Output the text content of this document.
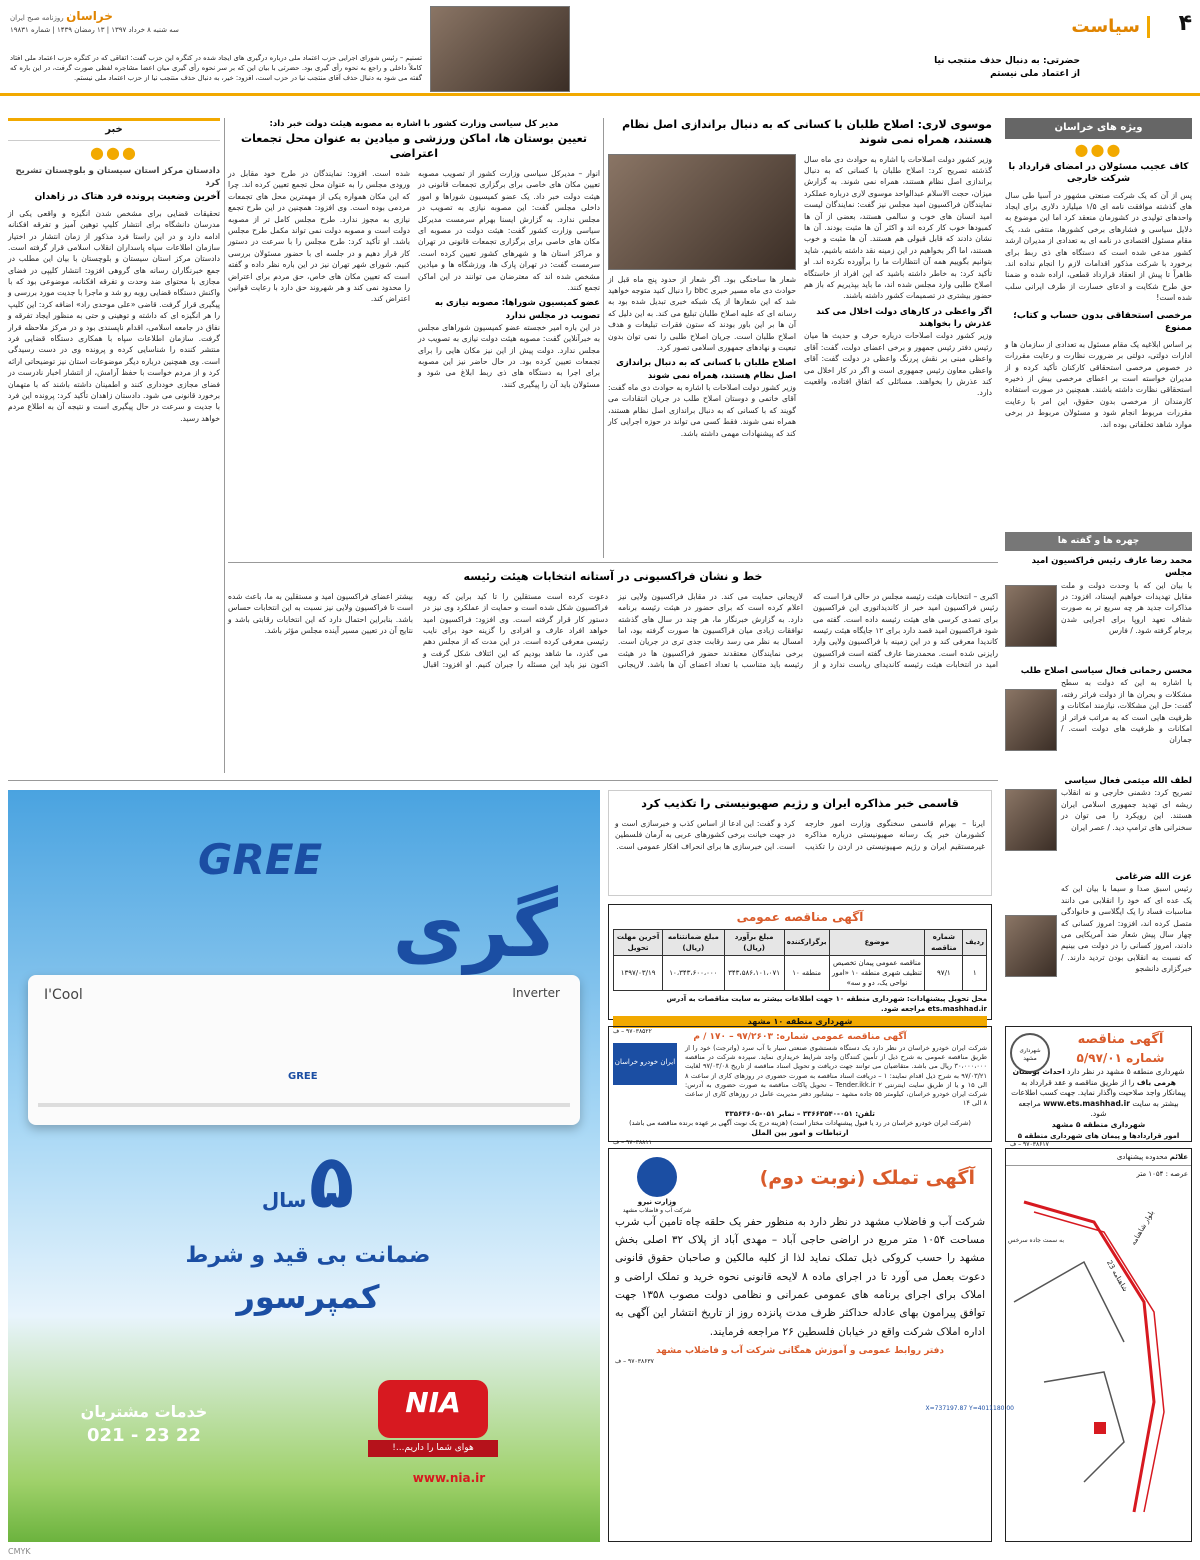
۴
سیاست
حضرتی: به دنبال حذف منتجب نیا
از اعتماد ملی نیستم
تسنیم – رئیس شورای اجرایی حزب اعتماد ملی درباره درگیری های ایجاد شده در کنگره این حزب گفت: اتفاقی که در کنگره حزب اعتماد ملی افتاد کاملاً داخلی و راجع به نحوه رأی گیری بود. حضرتی با بیان این که بر سر نحوه رأی گیری میان اعضا مشاجره لفظی صورت گرفت، در این باره که گفته می شود به دنبال حذف آقای منتجب نیا در حزب است، افزود: خیر، به دنبال حذف منتجب نیا از حزب اعتماد ملی نیستم.
خراسان روزنامه صبح ایران
سه شنبه ۸ خرداد ۱۳۹۷ | ۱۳ رمضان ۱۴۳۹ | شماره ۱۹۸۳۱
ویژه های خراسان
●●●
کاف عجیب مسئولان در امضای قرارداد با شرکت خارجی
پس از آن که یک شرکت صنعتی مشهور در آسیا طی سال های گذشته موافقت نامه ای ۱/۵ میلیارد دلاری برای ایجاد واحدهای تولیدی در کشورمان منعقد کرد اما این موضوع به دلایل سیاسی و فشارهای برخی کشورها، منتفی شد، یک مقام مسئول اقتصادی در نامه ای به تعدادی از مدیران ارشد کشور مدعی شده است که دستگاه های ذی ربط برای برخورد با شرکت مذکور اقدامات لازم را انجام نداده اند. ظاهراً تا پیش از انعقاد قرارداد قطعی، اراده شده و ضمنا حق طرح شکایت و ادعای خسارت از طرف ایرانی سلب شده است!
مرخصی استحقاقی بدون حساب و کتاب؛ ممنوع
بر اساس ابلاغیه یک مقام مسئول به تعدادی از سازمان ها و ادارات دولتی، دولتی بر ضرورت نظارت و رعایت مقررات در خصوص مرخصی استحقاقی کارکنان تأکید کرده و از مدیران خواسته است بر اعطای مرخصی بیش از ذخیره استحقاقی نظارت داشته باشند. همچنین در صورت استفاده کارمندان از مرخصی بدون حقوق، این امر با رعایت مقررات مربوط انجام شود و مسئولان مربوط در برخی موارد شاهد تخلفاتی بوده اند.
چهره ها و گفته ها
محمد رضا عارف رئیس فراکسیون امید مجلس
با بیان این که با وحدت دولت و ملت مقابل تهدیدات خواهیم ایستاد، افزود: در مذاکرات جدید هر چه سریع تر به صورت شفاف تعهد اروپا برای اجرایی شدن برجام گرفته شود. / فارس
محسن رحمانی فعال سیاسی اصلاح طلب
با اشاره به این که دولت به سطح مشکلات و بحران ها از دولت فراتر رفته، گفت: حل این مشکلات، نیازمند امکانات و ظرفیت هایی است که به مراتب فراتر از امکانات و ظرفیت های دولت است. / جماران
لطف الله میثمی فعال سیاسی
تصریح کرد: دشمنی خارجی و نه انقلاب ریشه ای تهدید جمهوری اسلامی ایران هستند. این رویکرد را می توان در سخنرانی های ترامپ دید. / عصر ایران
عزت الله ضرغامی
رئیس اسبق صدا و سیما با بیان این که یک عده ای که خود را انقلابی می دانند مناسبات فساد را یک ایگلاسی و خانوادگی متصل کرده اند، افزود: امروز کسانی که چهار سال پیش شعار ضد آمریکایی می دادند، امروز کسانی را در دولت می بینیم که نسبت به انقلابی بودن تردید دارند. / خبرگزاری دانشجو
موسوی لاری: اصلاح طلبان با کسانی که به دنبال براندازی اصل نظام هستند، همراه نمی شوند
وزیر کشور دولت اصلاحات با اشاره به حوادث دی ماه سال گذشته تصریح کرد: اصلاح طلبان با کسانی که به دنبال براندازی اصل نظام هستند، همراه نمی شوند. به گزارش میزان، حجت الاسلام عبدالواحد موسوی لاری درباره عملکرد نمایندگان فراکسیون امید مجلس نیز گفت: نمایندگان لیست امید انسان های خوب و سالمی هستند، بعضی از آن ها کمبودها خوب کار کرده اند و اکثر آن ها مثبت بودند. آن ها نشان دادند که قابل قبولی هم هستند. آن ها مثبت و خوب هستند، اما اگر بخواهیم در این زمینه نقد داشته باشیم، شاید بتوانیم بگوییم همه آن انتظارات ما را برآورده نکرده اند. او تأکید کرد: به خاطر داشته باشید که این افراد از خاستگاه اصلاح طلبی وارد مجلس شده اند، ما باید بپذیریم که باز هم حضور بیشتری در تصمیمات کشور داشته باشند.
اگر واعظی در کارهای دولت اخلال می کند عذرش را بخواهند
وزیر کشور دولت اصلاحات درباره حرف و حدیث ها میان رئیس دفتر رئیس جمهور و برخی اعضای دولت، گفت: آقای واعظی مبنی بر نقش پررنگ واعظی در دولت گفت: آقای واعظی معاون رئیس جمهوری است و اگر در کار اخلال می کند عذرش را بخواهند. مسائلی که اتفاق افتاده، واقعیت دارد.
شعار ها ساختگی بود. اگر شعار از حدود پنج ماه قبل از حوادث دی ماه مسیر خبری bbc را دنبال کنید متوجه خواهید شد که این شعارها از یک شبکه خبری تبدیل شده بود به رسانه ای که علیه اصلاح طلبان تبلیغ می کند. به این دلیل که آن ها بر این باور بودند که ستون فقرات تبلیغات و هدف اصلاح طلبان است. جریان اصلاح طلبی را نمی توان بدون تبعیت و نهادهای جمهوری اسلامی تصور کرد.
اصلاح طلبان با کسانی که به دنبال براندازی اصل نظام هستند، همراه نمی شوند
وزیر کشور دولت اصلاحات با اشاره به حوادث دی ماه گفت: آقای خاتمی و دوستان اصلاح طلب در جریان انتقادات می گویند که با کسانی که به دنبال براندازی اصل نظام هستند، همراه نمی شوند. فقط کسی می تواند در حوزه اجرایی کار کند که پیشنهادات مهمی داشته باشد.
مدیر کل سیاسی وزارت کشور با اشاره به مصوبه هیئت دولت خبر داد:
تعیین بوستان ها، اماکن ورزشی و میادین به عنوان محل تجمعات اعتراضی
انوار – مدیرکل سیاسی وزارت کشور از تصویب مصوبه تعیین مکان های خاصی برای برگزاری تجمعات قانونی در هیئت دولت خبر داد. یک عضو کمیسیون شوراها و امور داخلی مجلس گفت: این مصوبه نیازی به تصویب در مجلس ندارد. به گزارش ایسنا بهرام سرمست مدیرکل سیاسی وزارت کشور گفت: هیئت دولت در مصوبه ای مکان های خاصی برای برگزاری تجمعات قانونی در تهران و مراکز استان ها و شهرهای کشور تعیین کرده است. سرمست گفت: در تهران پارک ها، ورزشگاه ها و میادین مشخص شده اند که معترضان می توانند در این اماکن تجمع کنند.
عضو کمیسیون شوراها: مصوبه نیازی به تصویب در مجلس ندارد
در این باره امیر خجسته عضو کمیسیون شوراهای مجلس به خبرآنلاین گفت: مصوبه هیئت دولت نیازی به تصویب در مجلس ندارد. دولت پیش از این نیز مکان هایی را برای تجمعات تعیین کرده بود. در حال حاضر نیز این مصوبه برای اجرا به دستگاه های ذی ربط ابلاغ می شود و مسئولان باید آن را پیگیری کنند.
شده است. افزود: نمایندگان در طرح خود مقابل در ورودی مجلس را به عنوان محل تجمع تعیین کرده اند. چرا که این مکان همواره یکی از مهمترین محل های تجمعات مردمی بوده است. وی افزود: همچنین در این طرح تجمع نیازی به مجوز ندارد. طرح مجلس کامل تر از مصوبه دولت است و مصوبه دولت نمی تواند مکمل طرح مجلس باشد. او تأکید کرد: طرح مجلس را با سرعت در دستور کار قرار دهیم و در جلسه ای با حضور مسئولان بررسی کنیم. شورای شهر تهران نیز در این باره نظر داده و گفته است که تعیین مکان های خاص، حق مردم برای اعتراض را محدود نمی کند و هر شهروند حق دارد با رعایت قوانین اعتراض کند.
خبر
●●●
دادستان مرکز استان سیستان و بلوچستان تشریح کرد
آخرین وضعیت پرونده فرد هتاک در زاهدان
تحقیقات قضایی برای مشخص شدن انگیزه و واقعی یکی از مدرسان دانشگاه برای انتشار کلیپ توهین آمیز و تفرقه افکنانه ادامه دارد و در این راستا فرد مذکور از زمان انتشار در اختیار سازمان اطلاعات سپاه پاسداران انقلاب اسلامی قرار گرفته است. دادستان مرکز استان سیستان و بلوچستان با بیان این مطلب در جمع خبرنگاران رسانه های گروهی افزود: انتشار کلیپی در فضای مجازی با محتوای ضد وحدت و تفرقه افکنانه، موضوعی بود که با واکنش دستگاه قضایی روبه رو شد و ماجرا با جدیت مورد بررسی و پیگیری قرار گرفت. قاضی «علی موحدی راد» اضافه کرد: این کلیپ را هر انگیزه ای که داشته و توهینی و حتی به منظور ایجاد تفرقه و نفاق در جامعه اسلامی، اقدام ناپسندی بود و در مرکز ملاحظه قرار گرفت. سازمان اطلاعات سپاه با همکاری دستگاه قضایی فرد منتشر کننده را شناسایی کرده و پرونده وی در دست رسیدگی است. وی همچنین درباره دیگر موضوعات استان نیز توضیحاتی ارائه کرد و از مردم خواست با حفظ آرامش، از انتشار اخبار نادرست در فضای مجازی خودداری کنند و اطمینان داشته باشند که با متهمان برخورد قانونی می شود. دادستان زاهدان تأکید کرد: پرونده این فرد با جدیت و سرعت در حال پیگیری است و نتیجه آن به اطلاع مردم خواهد رسید.
خط و نشان فراکسیونی در آستانه انتخابات هیئت رئیسه
اکبری – انتخابات هیئت رئیسه مجلس در حالی فرا است که رئیس فراکسیون امید خبر از کاندیداتوری این فراکسیون برای تصدی کرسی های هیئت رئیسه داده است. گفته می شود فراکسیون امید قصد دارد برای ۱۲ جایگاه هیئت رئیسه کاندیدا معرفی کند و در این زمینه با فراکسیون ولایی وارد رایزنی شده است. محمدرضا عارف گفته است فراکسیون امید در انتخابات هیئت رئیسه کاندیدای ریاست ندارد و از لاریجانی حمایت می کند. در مقابل فراکسیون ولایی نیز اعلام کرده است که برای حضور در هیئت رئیسه برنامه دارد. به گزارش خبرنگار ما، هر چند در سال های گذشته توافقات زیادی میان فراکسیون ها صورت گرفته بود، اما امسال به نظر می رسد رقابت جدی تری در جریان است. برخی نمایندگان معتقدند حضور فراکسیون ها در هیئت رئیسه باید متناسب با تعداد اعضای آن ها باشد. لاریجانی دعوت کرده است مستقلین را تا کید براین که رویه فراکسیون شکل شده است و حمایت از عملکرد وی نیز در دستور کار قرار گرفته است. وی افزود: فراکسیون امید خواهد افراد عارف و افرادی را گزینه خود برای نایب رئیسی معرفی کرده است. در این مدت که از مجلس دهم می گذرد، ما شاهد بودیم که این ائتلاف شکل گرفت و اکنون نیز باید این مسئله را جبران کنیم. او افزود: اقبال بیشتر اعضای فراکسیون امید و مستقلین به ما، باعث شده است تا فراکسیون ولایی نیز نسبت به این انتخابات حساس باشد. بنابراین احتمال دارد که این انتخابات رقابتی باشد و نتایج آن در تعیین مسیر آینده مجلس مؤثر باشد.
قاسمی خبر مذاکره ایران و رژیم صهیونیستی را تکذیب کرد
ایرنا – بهرام قاسمی سخنگوی وزارت امور خارجه کشورمان خبر یک رسانه صهیونیستی درباره مذاکره غیرمستقیم ایران و رژیم صهیونیستی در اردن را تکذیب کرد و گفت: این ادعا از اساس کذب و خبرسازی است و در جهت خیانت برخی کشورهای عربی به آرمان فلسطین است. این خبرسازی ها برای انحراف افکار عمومی است.
آگهی مناقصه عمومی
ردیف	شماره مناقصه	موضوع	برگزارکننده	مبلغ برآورد (ریال)	مبلغ ضمانتنامه (ریال)	آخرین مهلت تحویل
۱	۹۷/۱	مناقصه عمومی پیمان تخصیص تنظیف شهری منطقه ۱۰ «امور نواحی یک، دو و سه»	منطقه ۱۰	۳۴۳،۵۸۶،۱۰۱،۰۷۱	۱۰،۳۴۳،۶۰۰،۰۰۰	۱۳۹۷/۰۳/۱۹
محل تحویل پیشنهادات: شهرداری منطقه ۱۰ جهت اطلاعات بیشتر به سایت مناقصات به آدرس ets.mashhad.ir مراجعه شود.
شهرداری منطقه ۱۰ مشهد
۹۷۰۳۸۵۲۲ – ف
آگهی مناقصه عمومی شماره: ۹۷/۲۶۰۳ – ۱۷۰ / م
ایران خودرو خراسان
شرکت ایران خودرو خراسان در نظر دارد یک دستگاه شستشوی صنعتی سیار با آب سرد (واترجت) خود را از طریق مناقصه عمومی به شرح ذیل از تأمین کنندگان واجد شرایط خریداری نماید. سپرده شرکت در مناقصه ۳۰،۰۰۰،۰۰۰ ریال می باشد. متقاضیان می توانند جهت دریافت و تحویل اسناد مناقصه از تاریخ ۹۷/۰۳/۰۸ لغایت ۹۷/۰۳/۲۱ به شرح ذیل اقدام نمایند: ۱ – دریافت اسناد مناقصه به صورت حضوری در روزهای کاری از ساعت ۸ الی ۱۵ و یا از طریق سایت اینترنتی Tender.ikk.ir ۲ – تحویل پاکات مناقصه به صورت حضوری به آدرس: شرکت ایران خودرو خراسان، کیلومتر ۵۵ جاده مشهد – نیشابور دفتر مدیریت عامل در روزهای کاری از ساعت ۸ الی ۱۴
تلفن: ۰۵۱-۳۳۶۶۳۵۴۰ – نمابر ۰۵۱-۳۳۵۶۳۶۰۵
(شرکت ایران خودرو خراسان در رد یا قبول پیشنهادات مختار است) (هزینه درج یک نوبت آگهی بر عهده برنده مناقصه می باشد)
ارتباطات و امور بین الملل
۹۷۰۳۸۸۱۱ – ف
شهرداری مشهد
آگهی مناقصه
شماره ۵/۹۷/۰۱
شهرداری منطقه ۵ مشهد در نظر دارد احداث بوستان هرمی باف را از طریق مناقصه و عقد قرارداد به پیمانکار واجد صلاحیت واگذار نماید. جهت کسب اطلاعات بیشتر به سایت www.ets.mashhad.ir مراجعه شود.
شهرداری منطقه ۵ مشهد
امور قراردادها و پیمان های شهرداری منطقه ۵
۹۷۰۳۸۶۱۷ – ف
GREE
گری
I'Cool	Inverter
GREE
۵ سال
ضمانت بی قید و شرط
کمپرسور
NIA
هوای شما را داریم...!
خدمات مشتریان
021 - 23 22
www.nia.ir
وزارت نیرو
شرکت آب و فاضلاب مشهد
آگهی تملک (نوبت دوم)
شرکت آب و فاضلاب مشهد در نظر دارد به منظور حفر یک حلقه چاه تامین آب شرب مساحت ۱۰۵۴ متر مربع در اراضی حاجی آباد – مهدی آباد از پلاک ۳۲ اصلی بخش مشهد را حسب کروکی ذیل تملک نماید لذا از کلیه مالکین و صاحبان حقوق قانونی دعوت بعمل می آورد تا در اجرای ماده ۸ لایحه قانونی نحوه خرید و تملک اراضی و املاک برای اجرای برنامه های عمومی عمرانی و نظامی دولت مصوب ۱۳۵۸ جهت توافق پیرامون بهای عادله حداکثر ظرف مدت پانزده روز از تاریخ انتشار این آگهی به اداره املاک شرکت واقع در خیابان فلسطین ۲۶ مراجعه فرمایند.
دفتر روابط عمومی و آموزش همگانی شرکت آب و فاضلاب مشهد
۹۷۰۳۸۶۳۷ – ف
علائم محدوده پیشنهادی
عرصه : ۱۰۵۴ متر
بلوار شاهنامه
شاهنامه 23
به سمت جاده سرخس
X=737197.87 Y=4011180.00
CMYK
